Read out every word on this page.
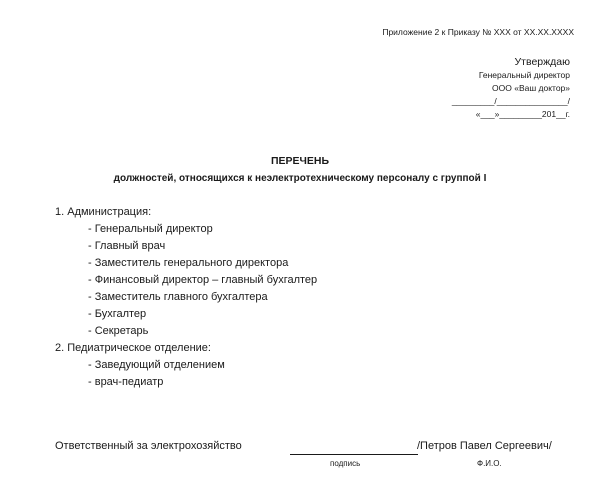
Приложение 2 к Приказу № ХХХ от ХХ.ХХ.ХХХХ
Утверждаю
Генеральный директор
ООО «Ваш доктор»
_________/_______________/
«___»_________201__г.
ПЕРЕЧЕНЬ
должностей, относящихся к неэлектротехническому персоналу с группой I
1. Администрация:
- Генеральный директор
- Главный врач
- Заместитель генерального директора
- Финансовый директор – главный бухгалтер
- Заместитель главного бухгалтера
- Бухгалтер
- Секретарь
2. Педиатрическое отделение:
- Заведующий отделением
- врач-педиатр
Ответственный за электрохозяйство	/Петров Павел Сергеевич/
подпись	Ф.И.О.
